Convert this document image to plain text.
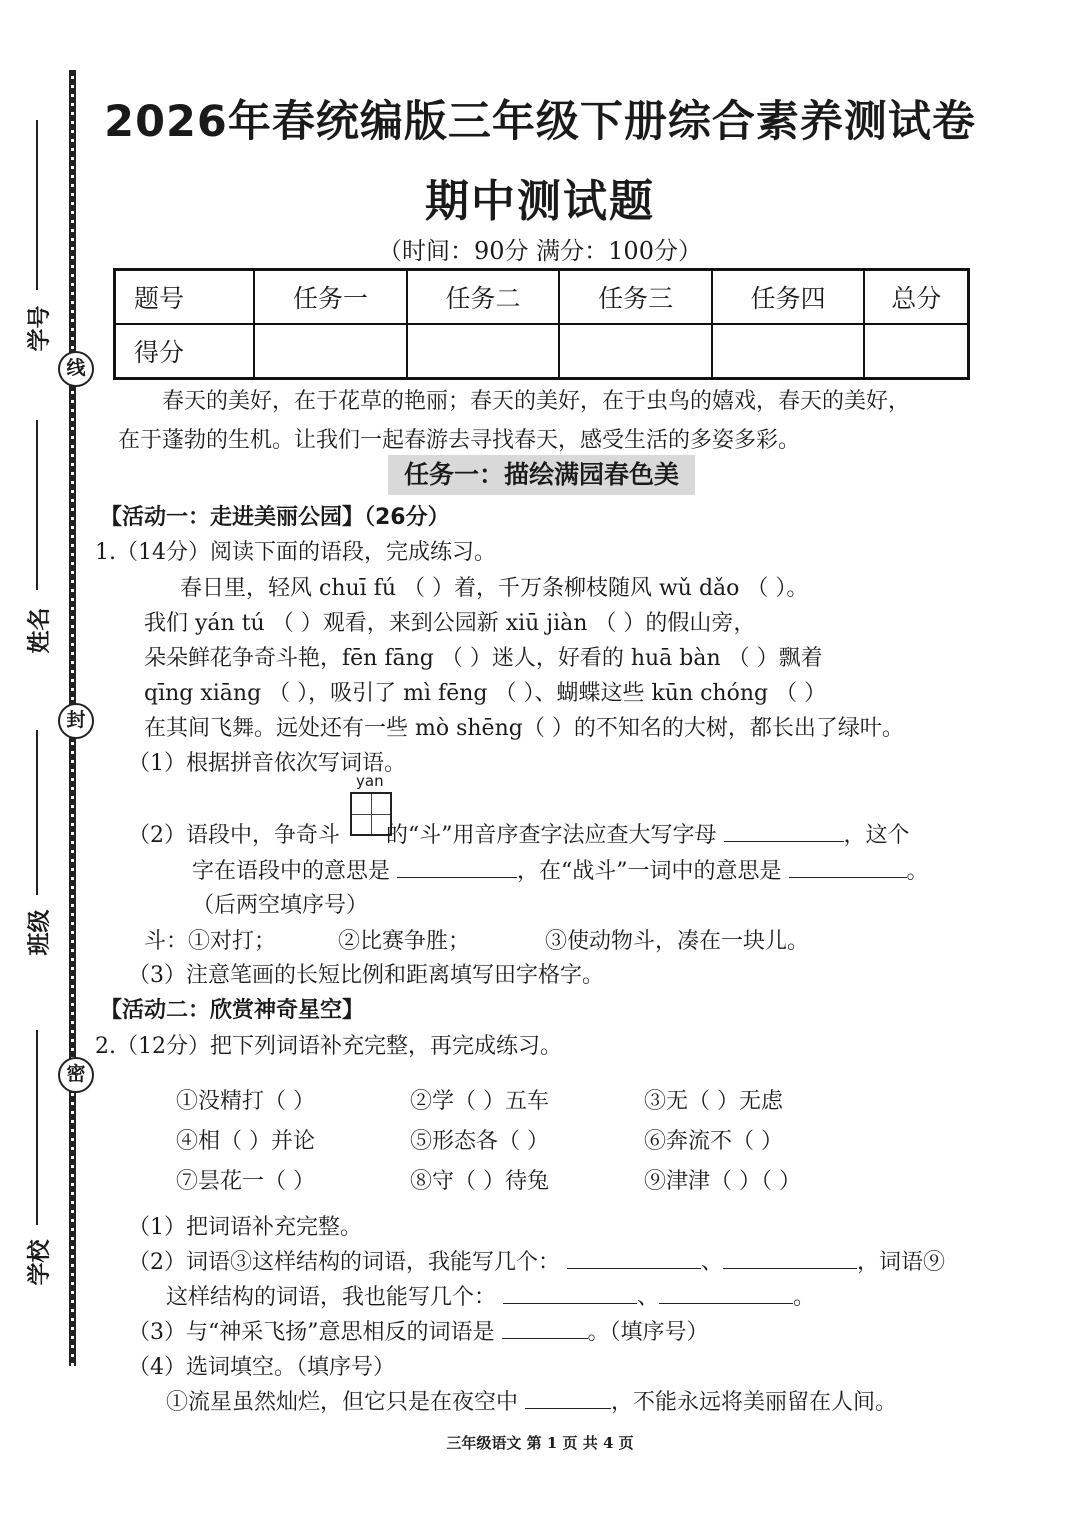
线
封
密
学号
姓名
班级
学校
2026年春统编版三年级下册综合素养测试卷
期中测试题
（时间：90分 满分：100分）
题号	任务一	任务二	任务三	任务四	总分
得分					
春天的美好，在于花草的艳丽；春天的美好，在于虫鸟的嬉戏，春天的美好，
在于蓬勃的生机。让我们一起春游去寻找春天，感受生活的多姿多彩。
任务一：描绘满园春色美
【活动一：走进美丽公园】（26分）
1.（14分）阅读下面的语段，完成练习。
春日里，轻风 chuī fú （ ）着，千万条柳枝随风 wǔ dǎo （ ）。
我们 yán tú （ ）观看，来到公园新 xiū jiàn （ ）的假山旁，
朵朵鲜花争奇斗艳，fēn fāng （ ）迷人，好看的 huā bàn （ ）飘着
qīng xiāng （ ），吸引了 mì fēng （ ）、蝴蝶这些 kūn chóng （ ）
在其间飞舞。远处还有一些 mò shēng（ ）的不知名的大树，都长出了绿叶。
（1）根据拼音依次写词语。
yan
（2）语段中，争奇斗 的“斗”用音序查字法应查大写字母	，这个
字在语段中的意思是	，在“战斗”一词中的意思是	。
（后两空填序号）
斗：①对打；	②比赛争胜；	③使动物斗，凑在一块儿。
（3）注意笔画的长短比例和距离填写田字格字。
【活动二：欣赏神奇星空】
2.（12分）把下列词语补充完整，再完成练习。
①没精打（ ）	②学（ ）五车	③无（ ）无虑
④相（ ）并论	⑤形态各（ ）	⑥奔流不（ ）
⑦昙花一（ ）	⑧守（ ）待兔	⑨津津（ ）（ ）
（1）把词语补充完整。
（2）词语③这样结构的词语，我能写几个：	、	，词语⑨
这样结构的词语，我也能写几个：	、	。
（3）与“神采飞扬”意思相反的词语是	。（填序号）
（4）选词填空。（填序号）
①流星虽然灿烂，但它只是在夜空中	，不能永远将美丽留在人间。
三年级语文 第 1 页 共 4 页
